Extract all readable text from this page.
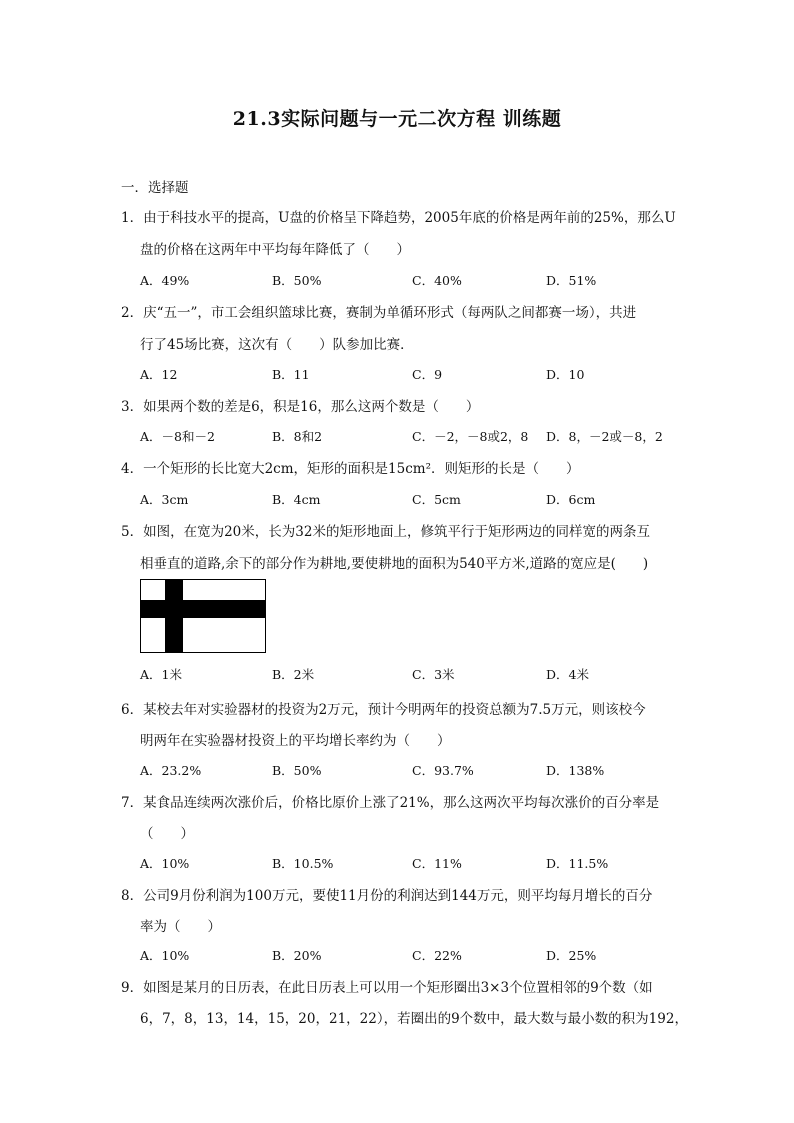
21.3实际问题与一元二次方程 训练题
一．选择题
1．由于科技水平的提高，U盘的价格呈下降趋势，2005年底的价格是两年前的25%，那么U
盘的价格在这两年中平均每年降低了（　　）
A．49%	B．50%	C．40%	D．51%
2．庆“五一”，市工会组织篮球比赛，赛制为单循环形式（每两队之间都赛一场），共进
行了45场比赛，这次有（　　）队参加比赛．
A．12	B．11	C．9	D．10
3．如果两个数的差是6，积是16，那么这两个数是（　　）
A．－8和－2	B．8和2	C．－2，－8或2，8 D．8，－2或－8，2
4．一个矩形的长比宽大2cm，矩形的面积是15cm²．则矩形的长是（　　）
A．3cm	B．4cm	C．5cm	D．6cm
5．如图，在宽为20米，长为32米的矩形地面上，修筑平行于矩形两边的同样宽的两条互
相垂直的道路,余下的部分作为耕地,要使耕地的面积为540平方米,道路的宽应是(　　)
A．1米	B．2米	C．3米	D．4米
6．某校去年对实验器材的投资为2万元，预计今明两年的投资总额为7.5万元，则该校今
明两年在实验器材投资上的平均增长率约为（　　）
A．23.2%	B．50%	C．93.7%	D．138%
7．某食品连续两次涨价后，价格比原价上涨了21%，那么这两次平均每次涨价的百分率是
（　　）
A．10%	B．10.5%	C．11%	D．11.5%
8．公司9月份利润为100万元，要使11月份的利润达到144万元，则平均每月增长的百分
率为（　　）
A．10%	B．20%	C．22%	D．25%
9．如图是某月的日历表，在此日历表上可以用一个矩形圈出3×3个位置相邻的9个数（如
6，7，8，13，14，15，20，21，22），若圈出的9个数中，最大数与最小数的积为192，
